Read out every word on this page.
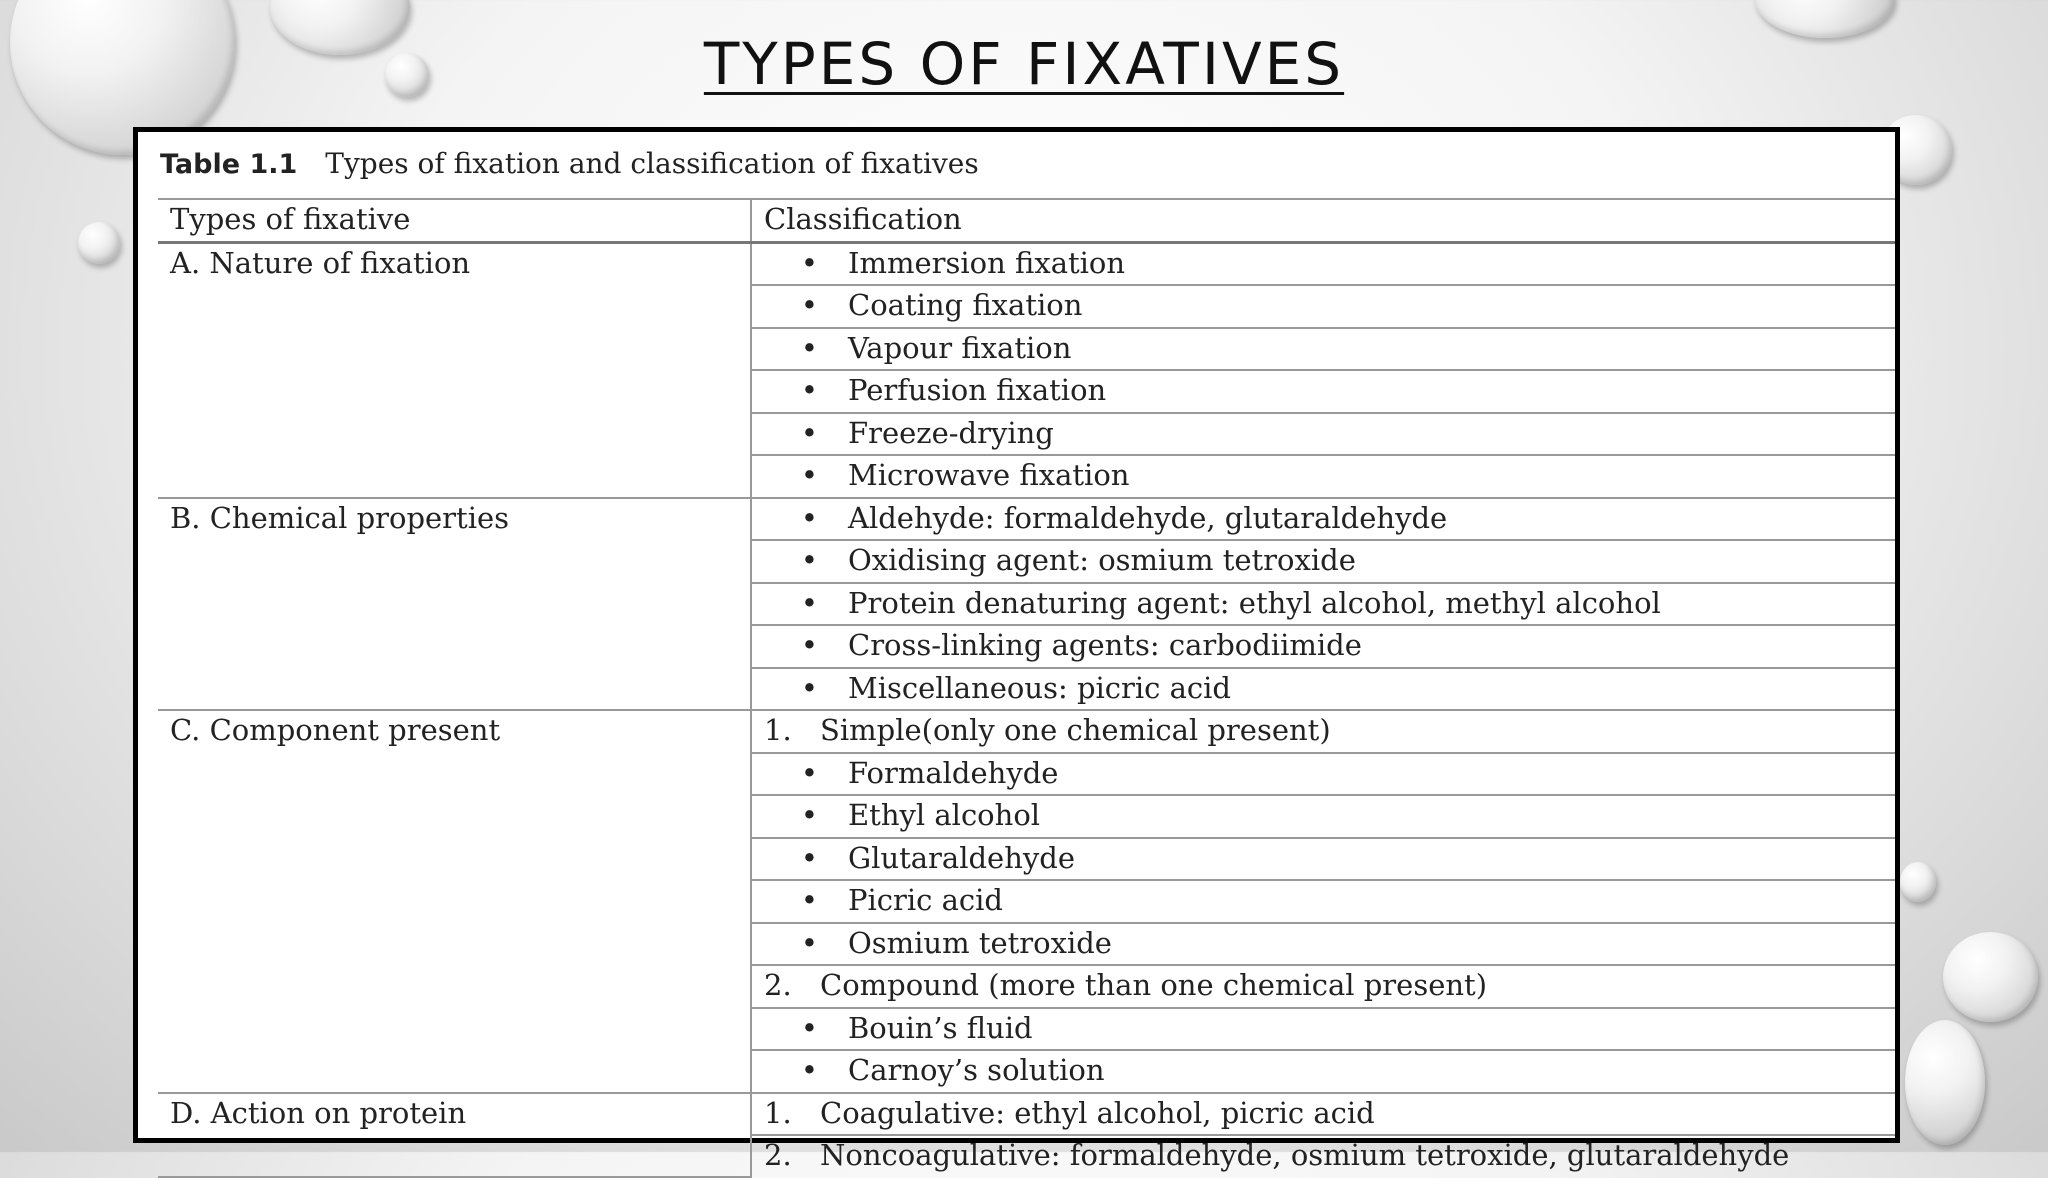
TYPES OF FIXATIVES
Table 1.1 Types of fixation and classification of fixatives
Types of fixative	Classification
A. Nature of fixation	• Immersion fixation
	• Coating fixation
	• Vapour fixation
	• Perfusion fixation
	• Freeze-drying
	• Microwave fixation
B. Chemical properties	• Aldehyde: formaldehyde, glutaraldehyde
	• Oxidising agent: osmium tetroxide
	• Protein denaturing agent: ethyl alcohol, methyl alcohol
	• Cross-linking agents: carbodiimide
	• Miscellaneous: picric acid
C. Component present	1. Simple(only one chemical present)
	• Formaldehyde
	• Ethyl alcohol
	• Glutaraldehyde
	• Picric acid
	• Osmium tetroxide
	2. Compound (more than one chemical present)
	• Bouin’s fluid
	• Carnoy’s solution
D. Action on protein	1. Coagulative: ethyl alcohol, picric acid
	2. Noncoagulative: formaldehyde, osmium tetroxide, glutaraldehyde
